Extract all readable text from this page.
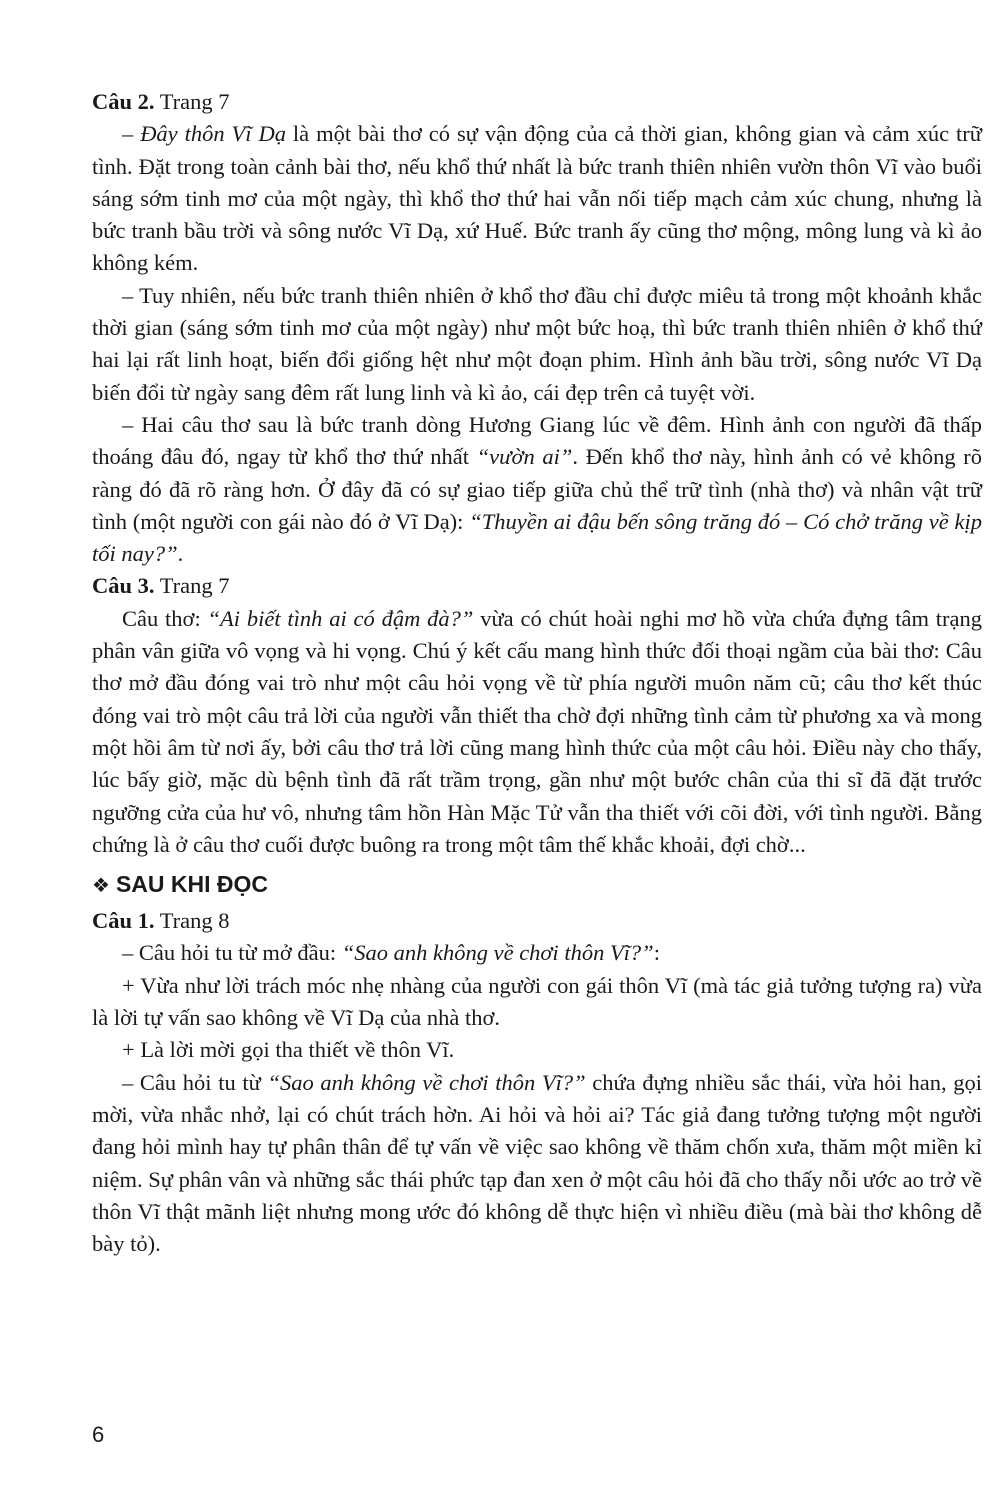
Câu 2. Trang 7

– Đây thôn Vĩ Dạ là một bài thơ có sự vận động của cả thời gian, không gian và cảm xúc trữ tình. Đặt trong toàn cảnh bài thơ, nếu khổ thứ nhất là bức tranh thiên nhiên vườn thôn Vĩ vào buổi sáng sớm tinh mơ của một ngày, thì khổ thơ thứ hai vẫn nối tiếp mạch cảm xúc chung, nhưng là bức tranh bầu trời và sông nước Vĩ Dạ, xứ Huế. Bức tranh ấy cũng thơ mộng, mông lung và kì ảo không kém.

– Tuy nhiên, nếu bức tranh thiên nhiên ở khổ thơ đầu chỉ được miêu tả trong một khoảnh khắc thời gian (sáng sớm tinh mơ của một ngày) như một bức hoạ, thì bức tranh thiên nhiên ở khổ thứ hai lại rất linh hoạt, biến đổi giống hệt như một đoạn phim. Hình ảnh bầu trời, sông nước Vĩ Dạ biến đổi từ ngày sang đêm rất lung linh và kì ảo, cái đẹp trên cả tuyệt vời.

– Hai câu thơ sau là bức tranh dòng Hương Giang lúc về đêm. Hình ảnh con người đã thấp thoáng đâu đó, ngay từ khổ thơ thứ nhất “vườn ai”. Đến khổ thơ này, hình ảnh có vẻ không rõ ràng đó đã rõ ràng hơn. Ở đây đã có sự giao tiếp giữa chủ thể trữ tình (nhà thơ) và nhân vật trữ tình (một người con gái nào đó ở Vĩ Dạ): “Thuyền ai đậu bến sông trăng đó – Có chở trăng về kịp tối nay?”.

Câu 3. Trang 7

Câu thơ: “Ai biết tình ai có đậm đà?” vừa có chút hoài nghi mơ hồ vừa chứa đựng tâm trạng phân vân giữa vô vọng và hi vọng. Chú ý kết cấu mang hình thức đối thoại ngầm của bài thơ: Câu thơ mở đầu đóng vai trò như một câu hỏi vọng về từ phía người muôn năm cũ; câu thơ kết thúc đóng vai trò một câu trả lời của người vẫn thiết tha chờ đợi những tình cảm từ phương xa và mong một hồi âm từ nơi ấy, bởi câu thơ trả lời cũng mang hình thức của một câu hỏi. Điều này cho thấy, lúc bấy giờ, mặc dù bệnh tình đã rất trầm trọng, gần như một bước chân của thi sĩ đã đặt trước ngưỡng cửa của hư vô, nhưng tâm hồn Hàn Mặc Tử vẫn tha thiết với cõi đời, với tình người. Bằng chứng là ở câu thơ cuối được buông ra trong một tâm thế khắc khoải, đợi chờ...

❖ SAU KHI ĐỌC

Câu 1. Trang 8

– Câu hỏi tu từ mở đầu: “Sao anh không về chơi thôn Vĩ?”:

+ Vừa như lời trách móc nhẹ nhàng của người con gái thôn Vĩ (mà tác giả tưởng tượng ra) vừa là lời tự vấn sao không về Vĩ Dạ của nhà thơ.

+ Là lời mời gọi tha thiết về thôn Vĩ.

– Câu hỏi tu từ “Sao anh không về chơi thôn Vĩ?” chứa đựng nhiều sắc thái, vừa hỏi han, gọi mời, vừa nhắc nhở, lại có chút trách hờn. Ai hỏi và hỏi ai? Tác giả đang tưởng tượng một người đang hỏi mình hay tự phân thân để tự vấn về việc sao không về thăm chốn xưa, thăm một miền kỉ niệm. Sự phân vân và những sắc thái phức tạp đan xen ở một câu hỏi đã cho thấy nỗi ước ao trở về thôn Vĩ thật mãnh liệt nhưng mong ước đó không dễ thực hiện vì nhiều điều (mà bài thơ không dễ bày tỏ).

6
